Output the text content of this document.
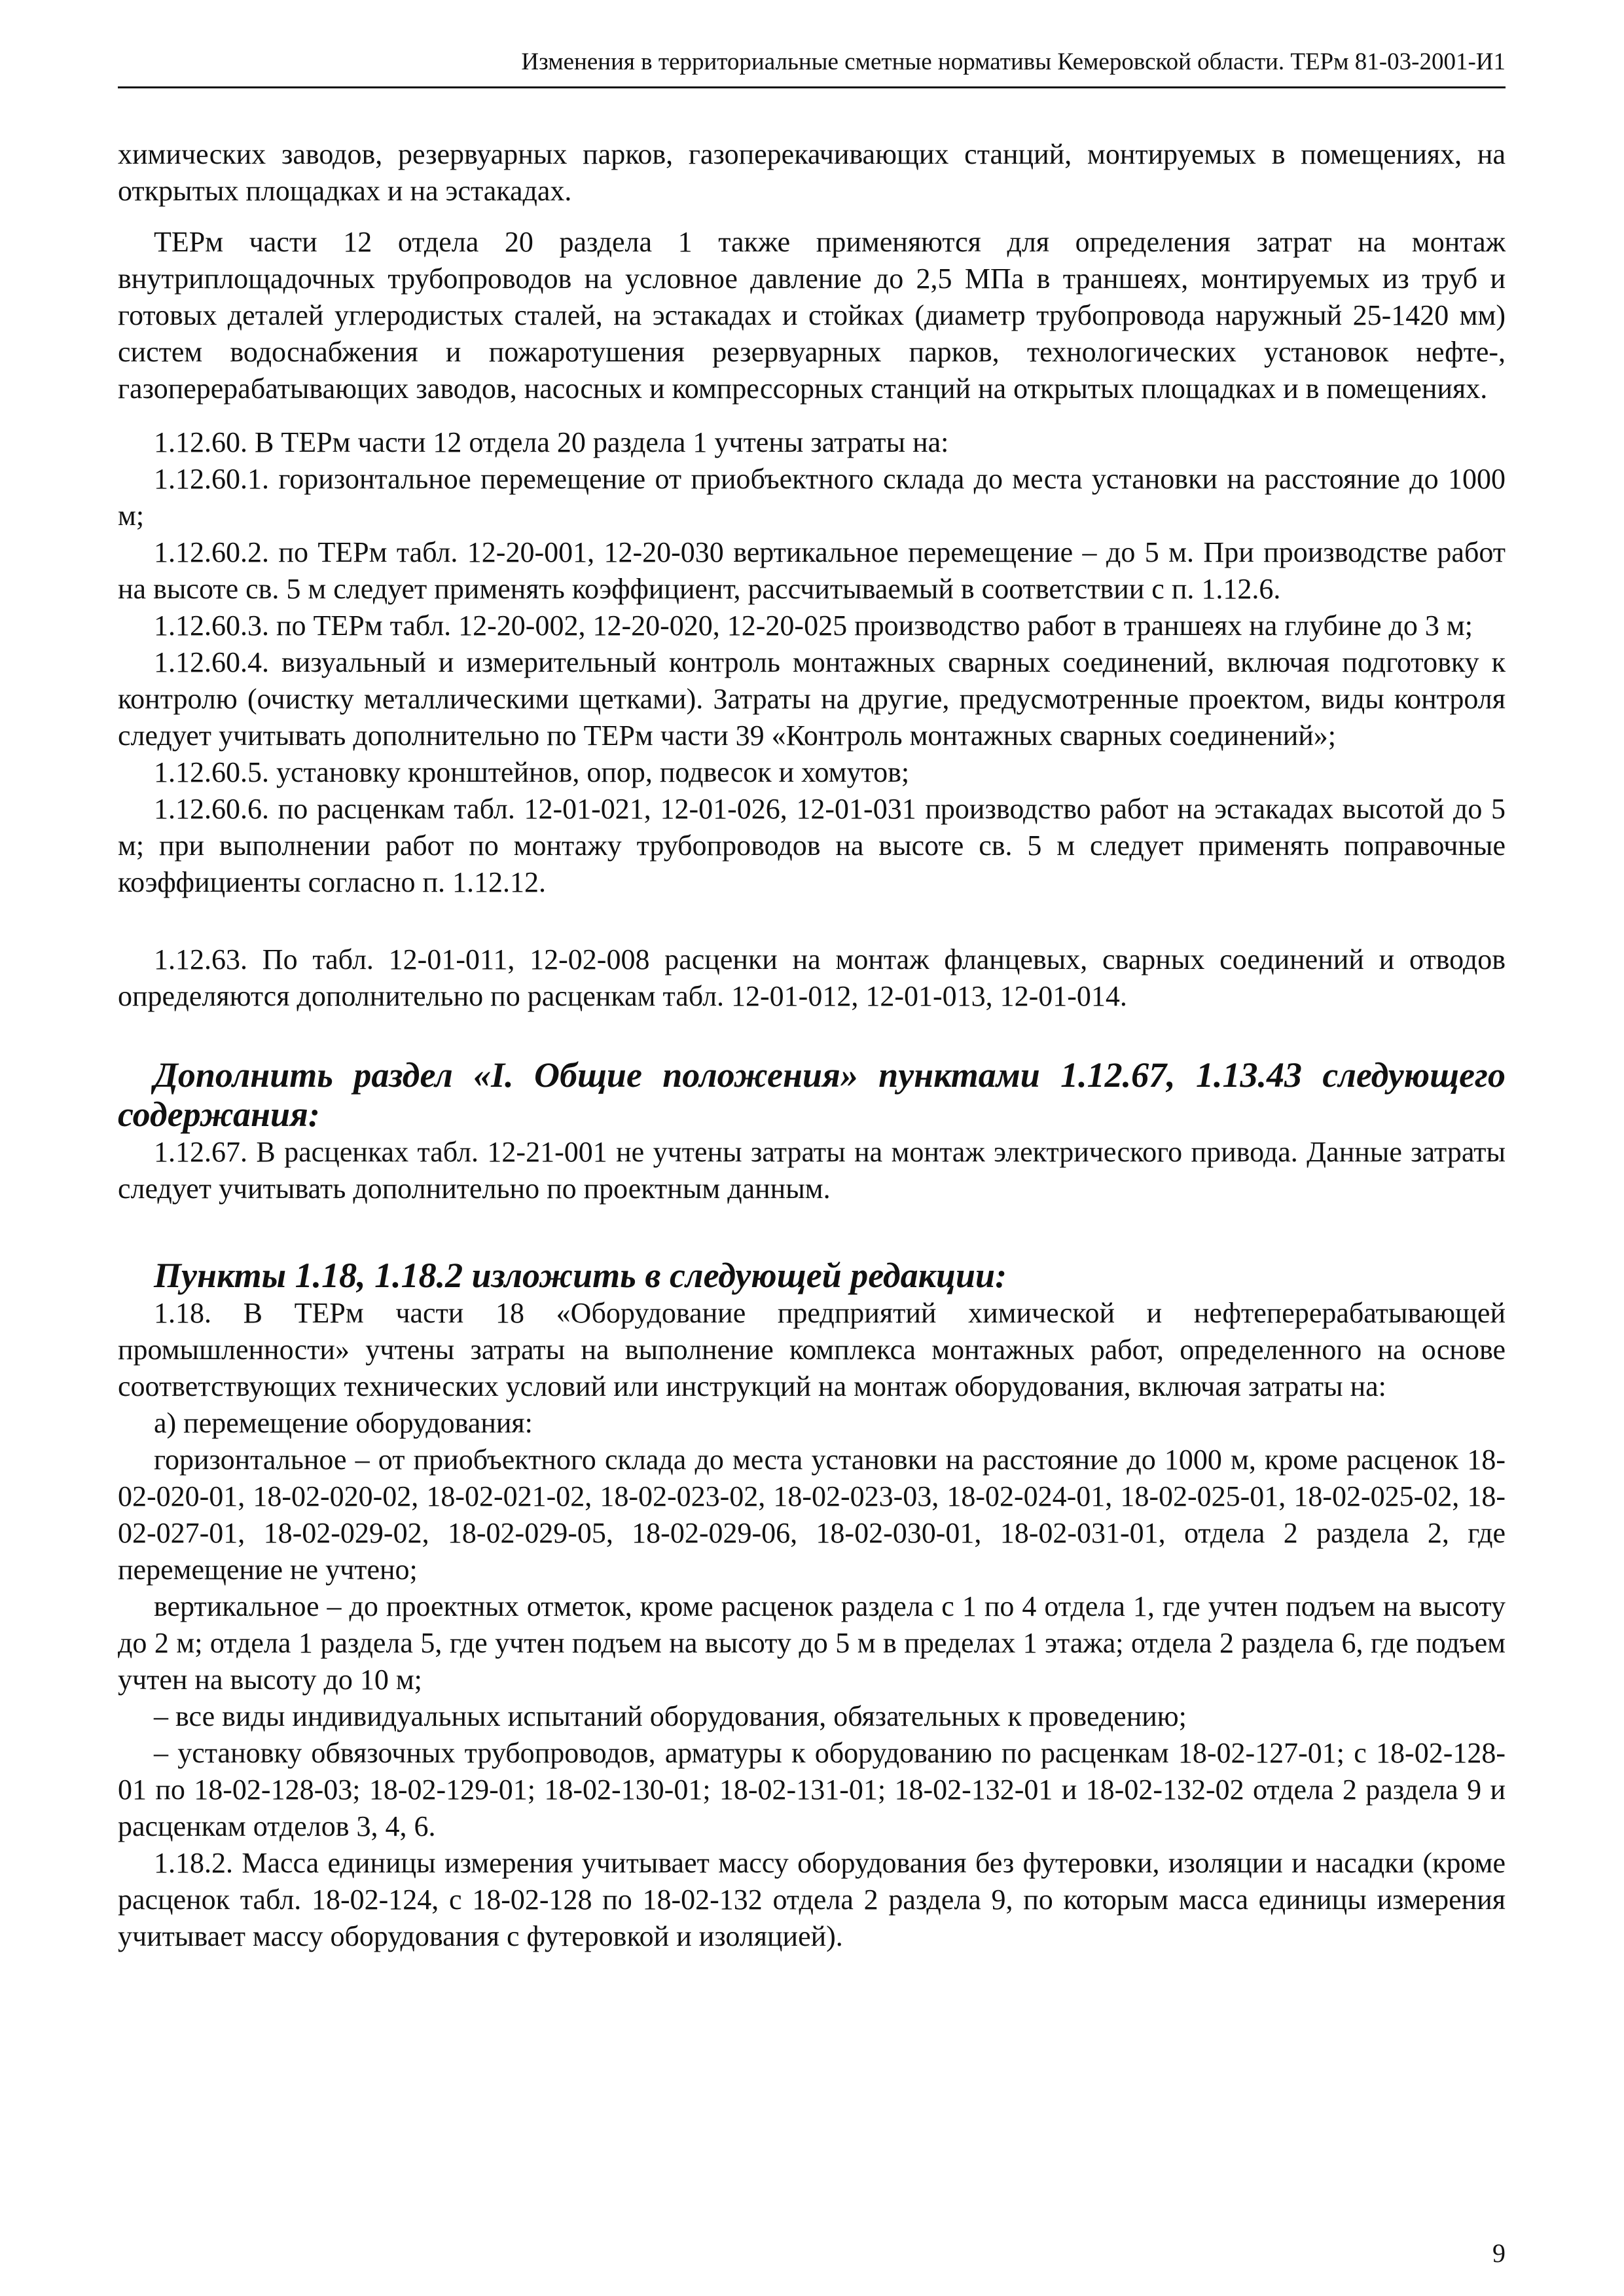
Изменения в территориальные сметные нормативы Кемеровской области. ТЕРм 81-03-2001-И1

химических заводов, резервуарных парков, газоперекачивающих станций, монтируемых в помещениях, на открытых площадках и на эстакадах.

ТЕРм части 12 отдела 20 раздела 1 также применяются для определения затрат на монтаж внутриплощадочных трубопроводов на условное давление до 2,5 МПа в траншеях, монтируемых из труб и готовых деталей углеродистых сталей, на эстакадах и стойках (диаметр трубопровода наружный 25-1420 мм) систем водоснабжения и пожаротушения резервуарных парков, технологических установок нефте-, газоперерабатывающих заводов, насосных и компрессорных станций на открытых площадках и в помещениях.

1.12.60. В ТЕРм части 12 отдела 20 раздела 1 учтены затраты на:

1.12.60.1. горизонтальное перемещение от приобъектного склада до места установки на расстояние до 1000 м;

1.12.60.2. по ТЕРм табл. 12-20-001, 12-20-030 вертикальное перемещение – до 5 м. При производстве работ на высоте св. 5 м следует применять коэффициент, рассчитываемый в соответствии с п. 1.12.6.

1.12.60.3. по ТЕРм табл. 12-20-002, 12-20-020, 12-20-025 производство работ в траншеях на глубине до 3 м;

1.12.60.4. визуальный и измерительный контроль монтажных сварных соединений, включая подготовку к контролю (очистку металлическими щетками). Затраты на другие, предусмотренные проектом, виды контроля следует учитывать дополнительно по ТЕРм части 39 «Контроль монтажных сварных соединений»;

1.12.60.5. установку кронштейнов, опор, подвесок и хомутов;

1.12.60.6. по расценкам табл. 12-01-021, 12-01-026, 12-01-031 производство работ на эстакадах высотой до 5 м; при выполнении работ по монтажу трубопроводов на высоте св. 5 м следует применять поправочные коэффициенты согласно п. 1.12.12.

1.12.63. По табл. 12-01-011, 12-02-008 расценки на монтаж фланцевых, сварных соединений и отводов определяются дополнительно по расценкам табл. 12-01-012, 12-01-013, 12-01-014.

Дополнить раздел «I. Общие положения» пунктами 1.12.67, 1.13.43 следующего содержания:

1.12.67. В расценках табл. 12-21-001 не учтены затраты на монтаж электрического привода. Данные затраты следует учитывать дополнительно по проектным данным.

Пункты 1.18, 1.18.2 изложить в следующей редакции:

1.18. В ТЕРм части 18 «Оборудование предприятий химической и нефтеперерабатывающей промышленности» учтены затраты на выполнение комплекса монтажных работ, определенного на основе соответствующих технических условий или инструкций на монтаж оборудования, включая затраты на:

а) перемещение оборудования:

горизонтальное – от приобъектного склада до места установки на расстояние до 1000 м, кроме расценок 18-02-020-01, 18-02-020-02, 18-02-021-02, 18-02-023-02, 18-02-023-03, 18-02-024-01, 18-02-025-01, 18-02-025-02, 18-02-027-01, 18-02-029-02, 18-02-029-05, 18-02-029-06, 18-02-030-01, 18-02-031-01, отдела 2 раздела 2, где перемещение не учтено;

вертикальное – до проектных отметок, кроме расценок раздела с 1 по 4 отдела 1, где учтен подъем на высоту до 2 м; отдела 1 раздела 5, где учтен подъем на высоту до 5 м в пределах 1 этажа; отдела 2 раздела 6, где подъем учтен на высоту до 10 м;

– все виды индивидуальных испытаний оборудования, обязательных к проведению;

– установку обвязочных трубопроводов, арматуры к оборудованию по расценкам 18-02-127-01; с 18-02-128-01 по 18-02-128-03; 18-02-129-01; 18-02-130-01; 18-02-131-01; 18-02-132-01 и 18-02-132-02 отдела 2 раздела 9 и расценкам отделов 3, 4, 6.

1.18.2. Масса единицы измерения учитывает массу оборудования без футеровки, изоляции и насадки (кроме расценок табл. 18-02-124, с 18-02-128 по 18-02-132 отдела 2 раздела 9, по которым масса единицы измерения учитывает массу оборудования с футеровкой и изоляцией).

9
